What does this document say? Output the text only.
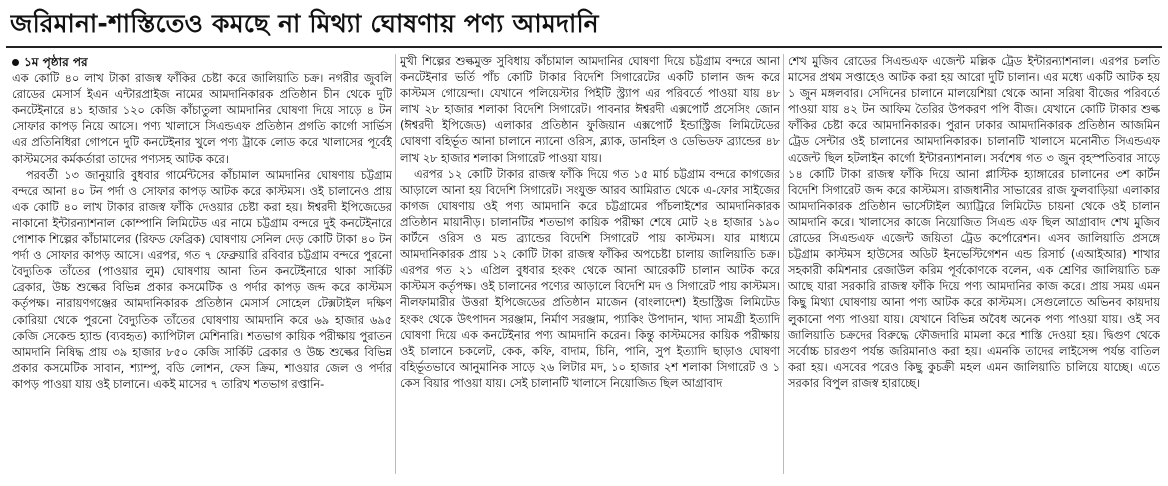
জরিমানা-শাস্তিতেও কমছে না মিথ্যা ঘোষণায় পণ্য আমদানি
১ম পৃষ্ঠার পর

এক কোটি ৪০ লাখ টাকা রাজস্ব ফাঁকির চেষ্টা করে জালিয়াতি চক্র। নগরীর জুবলি রোডের মেসার্স ইএন এন্টারপ্রাইজ নামের আমদানিকারক প্রতিষ্ঠান চীন থেকে দুটি কনটেইনারে ৪১ হাজার ১২০ কেজি কাঁচাতুলা আমদানির ঘোষণা দিয়ে সাড়ে ৪ টন সোফার কাপড় নিয়ে আসে। পণ্য খালাসে সিএন্ডএফ প্রতিষ্ঠান প্রগতি কার্গো সার্ভিস এর প্রতিনিধিরা গোপনে দুটি কনটেইনার খুলে পণ্য ট্রাকে লোড করে খালাসের পূর্বেই কাস্টমসের কর্মকর্তারা তাদের পণ্যসহ আটক করে।

পরবর্তী ১৩ জানুয়ারি বুধবার গার্মেন্টসের কাঁচামাল আমদানির ঘোষণায় চট্টগ্রাম বন্দরে আনা ৪০ টন পর্দা ও সোফার কাপড় আটক করে কাস্টমস। ওই চালানেও প্রায় এক কোটি ৪০ লাখ টাকার রাজস্ব ফাঁকি দেওয়ার চেষ্টা করা হয়। ঈশ্বরদী ইপিজেডের নাকানো ইন্টারন্যাশনাল কোম্পানি লিমিটেড এর নামে চট্টগ্রাম বন্দরে দুই কনটেইনারে পোশাক শিল্পের কাঁচামালের (রিফড ফেব্রিক) ঘোষণায় সেনিল দেড় কোটি টাকা ৪০ টন পর্দা ও সোফার কাপড় আসে। এরপর, গত ৭ ফেব্রুয়ারি রবিবার চট্টগ্রাম বন্দরে পুরনো বৈদ্যুতিক তাঁতের (পাওয়ার লুম) ঘোষণায় আনা তিন কনটেইনারে থাকা সার্কিট ব্রেকার, উচ্চ শুল্কের বিভিন্ন প্রকার কসমেটিক ও পর্দার কাপড় জব্দ করে কাস্টমস কর্তৃপক্ষ। নারায়ণগঞ্জের আমদানিকারক প্রতিষ্ঠান মেসার্স সোহেল টেক্সটাইল দক্ষিণ কোরিয়া থেকে পুরনো বৈদ্যুতিক তাঁতের ঘোষণায় আমদানি করে ৬৯ হাজার ৬৯৫ কেজি সেকেন্ড হ্যান্ড (ব্যবহৃত) ক্যাপিটাল মেশিনারি। শতভাগ কায়িক পরীক্ষায় পুরাতন আমদানি নিষিদ্ধ প্রায় ৩৯ হাজার ৮৫০ কেজি সার্কিট ব্রেকার ও উচ্চ শুল্কের বিভিন্ন প্রকার কসমেটিক সাবান, শ্যাম্পু, বডি লোশন, ফেস ক্রিম, শাওয়ার জেল ও পর্দার কাপড় পাওয়া যায় ওই চালানে। একই মাসের ৭ তারিখ শতভাগ রপ্তানি-

মুখী শিল্পের শুল্কমুক্ত সুবিধায় কাঁচামাল আমদানির ঘোষণা দিয়ে চট্টগ্রাম বন্দরে আনা কনটেইনার ভর্তি পাঁচ কোটি টাকার বিদেশি সিগারেটের একটি চালান জব্দ করে কাস্টমস গোয়েন্দা। যেখানে পলিয়েস্টার পিইটি স্ট্র্যাপ এর পরিবর্তে পাওয়া যায় ৪৮ লাখ ২৮ হাজার শলাকা বিদেশি সিগারেট। পাবনার ঈশ্বরদী এক্সপোর্ট প্রসেসিং জোন (ঈশ্বরদী ইপিজেড) এলাকার প্রতিষ্ঠান ফুজিয়ান এক্সপোর্ট ইন্ডাস্ট্রিজ লিমিটেডের ঘোষণা বহির্ভূত আনা চালানে ন্যানো ওরিস, ব্ল্যাক, ডানহিল ও ডেভিডফ ব্র্যান্ডের ৪৮ লাখ ২৮ হাজার শলাকা সিগারেট পাওয়া যায়।

এরপর ১২ কোটি টাকার রাজস্ব ফাঁকি দিয়ে গত ১৫ মার্চ চট্টগ্রাম বন্দরে কাগজের আড়ালে আনা হয় বিদেশি সিগারেট। সংযুক্ত আরব আমিরাত থেকে এ-ফোর সাইজের কাগজ ঘোষণায় ওই পণ্য আমদানি করে চট্টগ্রামের পাঁচলাইশের আমদানিকারক প্রতিষ্ঠান মায়ানীড়। চালানটির শতভাগ কায়িক পরীক্ষা শেষে মোট ২৪ হাজার ১৯০ কার্টনে ওরিস ও মন্ড ব্র্যান্ডের বিদেশি সিগারেট পায় কাস্টমস। যার মাধ্যমে আমদানিকারক প্রায় ১২ কোটি টাকা রাজস্ব ফাঁকির অপচেষ্টা চালায় জালিয়াতি চক্র। এরপর গত ২১ এপ্রিল বুধবার হংকং থেকে আনা আরেকটি চালান আটক করে কাস্টমস কর্তৃপক্ষ। ওই চালানের পণ্যের আড়ালে বিদেশি মদ ও সিগারেট পায় কাস্টমস। নীলফামারীর উত্তরা ইপিজেডের প্রতিষ্ঠান মাজেন (বাংলাদেশ) ইন্ডাস্ট্রিজ লিমিটেড হংকং থেকে উৎপাদন সরঞ্জাম, নির্মাণ সরঞ্জাম, প্যাকিং উপাদান, খাদ্য সামগ্রী ইত্যাদি ঘোষণা দিয়ে এক কনটেইনার পণ্য আমদানি করেন। কিন্তু কাস্টমসের কায়িক পরীক্ষায় ওই চালানে চকলেট, কেক, কফি, বাদাম, চিনি, পানি, সুপ ইত্যাদি ছাড়াও ঘোষণা বহির্ভূতভাবে আনুমানিক সাড়ে ২৬ লিটার মদ, ১০ হাজার ২শ শলাকা সিগারেট ও ১ কেস বিয়ার পাওয়া যায়। সেই চালানটি খালাসে নিয়োজিত ছিল আগ্রাবাদ

শেখ মুজিব রোডের সিএন্ডএফ এজেন্ট মল্লিক ট্রেড ইন্টারন্যাশনাল। এরপর চলতি মাসের প্রথম সপ্তাহেও আটক করা হয় আরো দুটি চালান। এর মধ্যে একটি আটক হয় ১ জুন মঙ্গলবার। সেদিনের চালানে মালয়েশিয়া থেকে আনা সরিষা বীজের পরিবর্তে পাওয়া যায় ৪২ টন আফিম তৈরির উপকরণ পপি বীজ। যেখানে কোটি টাকার শুল্ক ফাঁকির চেষ্টা করে আমদানিকারক। পুরান ঢাকার আমদানিকারক প্রতিষ্ঠান আজমিন ট্রেড সেন্টার ওই চালানের আমদানিকারক। চালানটি খালাসে মনোনীত সিএন্ডএফ এজেন্ট ছিল হটলাইন কার্গো ইন্টারন্যাশনাল। সর্বশেষ গত ৩ জুন বৃহস্পতিবার সাড়ে ১৪ কোটি টাকা রাজস্ব ফাঁকি দিয়ে আনা প্লাস্টিক হ্যাঙ্গারের চালানের ৩শ কার্টন বিদেশি সিগারেট জব্দ করে কাস্টমস। রাজধানীর সাভারের রাজ ফুলবাড়িয়া এলাকার আমদানিকারক প্রতিষ্ঠান ভার্সেটাইল অ্যাট্রিরে লিমিটেড চায়না থেকে ওই চালান আমদানি করে। খালাসের কাজে নিয়োজিত সিএন্ড এফ ছিল আগ্রাবাদ শেখ মুজিব রোডের সিএন্ডএফ এজেন্ট জয়িতা ট্রেড কর্পোরেশন। এসব জালিয়াতি প্রসঙ্গে চট্টগ্রাম কাস্টমস হাউসের অডিট ইনভেস্টিগেশন এন্ড রিসার্চ (এআইআর) শাখার সহকারী কমিশনার রেজাউল করিম পূর্বকোণকে বলেন, এক শ্রেণির জালিয়াতি চক্র আছে যারা সরকারি রাজস্ব ফাঁকি দিয়ে পণ্য আমদানির কাজ করে। প্রায় সময় এমন কিছু মিথ্যা ঘোষণায় আনা পণ্য আটক করে কাস্টমস। সেগুলোতে অভিনব কায়দায় লুকানো পণ্য পাওয়া যায়। যেখানে বিভিন্ন অবৈধ অনেক পণ্য পাওয়া যায়। ওই সব জালিয়াতি চক্রদের বিরুদ্ধে ফৌজদারি মামলা করে শাস্তি দেওয়া হয়। দ্বিগুণ থেকে সর্বোচ্চ চারগুণ পর্যন্ত জরিমানাও করা হয়। এমনকি তাদের লাইসেন্স পর্যন্ত বাতিল করা হয়। এসবের পরেও কিছু কুচক্রী মহল এমন জালিয়াতি চালিয়ে যাচ্ছে। এতে সরকার বিপুল রাজস্ব হারাচ্ছে।
